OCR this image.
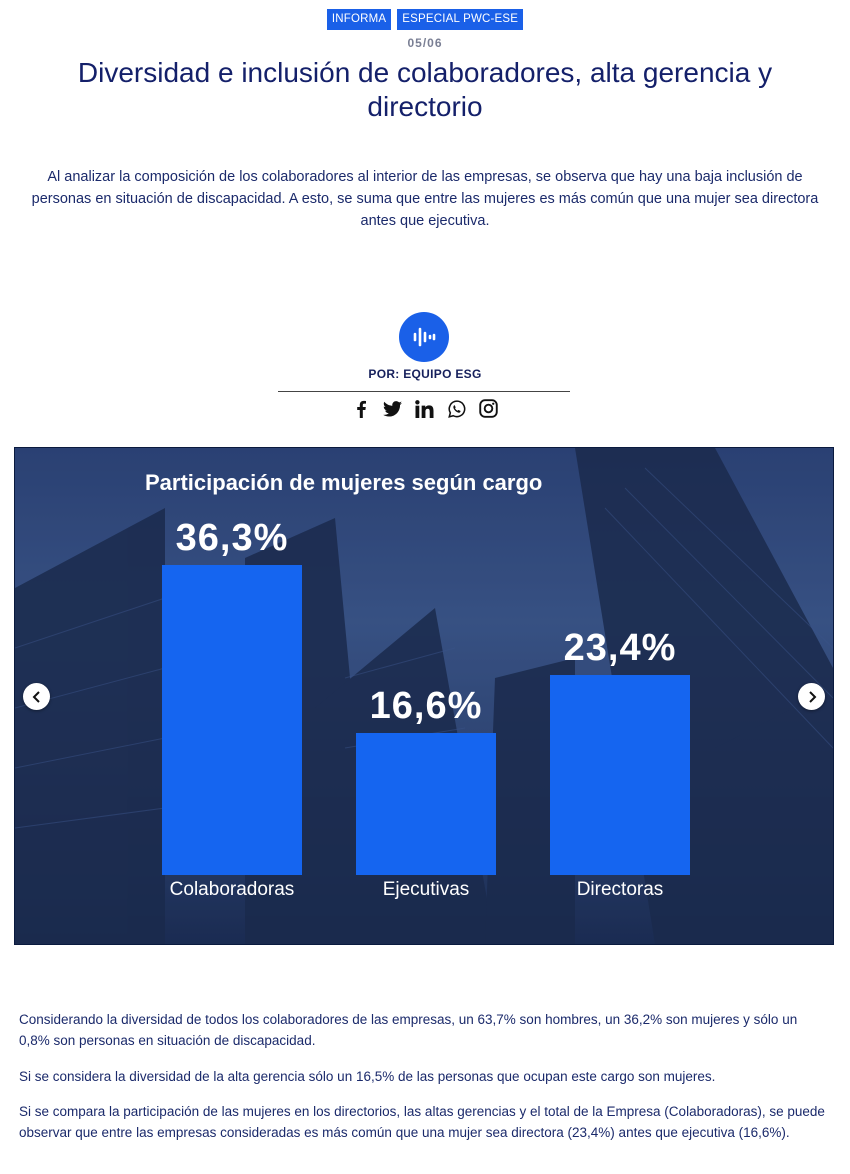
INFORMA	ESPECIAL PWC-ESE
05/06
Diversidad e inclusión de colaboradores, alta gerencia y directorio

Al analizar la composición de los colaboradores al interior de las empresas, se observa que hay una baja inclusión de personas en situación de discapacidad. A esto, se suma que entre las mujeres es más común que una mujer sea directora antes que ejecutiva.

POR: EQUIPO ESG
Participación de mujeres según cargo
36,3%
Colaboradoras
16,6%
Ejecutivas
23,4%
Directoras

Considerando la diversidad de todos los colaboradores de las empresas, un 63,7% son hombres, un 36,2% son mujeres y sólo un 0,8% son personas en situación de discapacidad.

Si se considera la diversidad de la alta gerencia sólo un 16,5% de las personas que ocupan este cargo son mujeres.

Si se compara la participación de las mujeres en los directorios, las altas gerencias y el total de la Empresa (Colaboradoras), se puede observar que entre las empresas consideradas es más común que una mujer sea directora (23,4%) antes que ejecutiva (16,6%).
